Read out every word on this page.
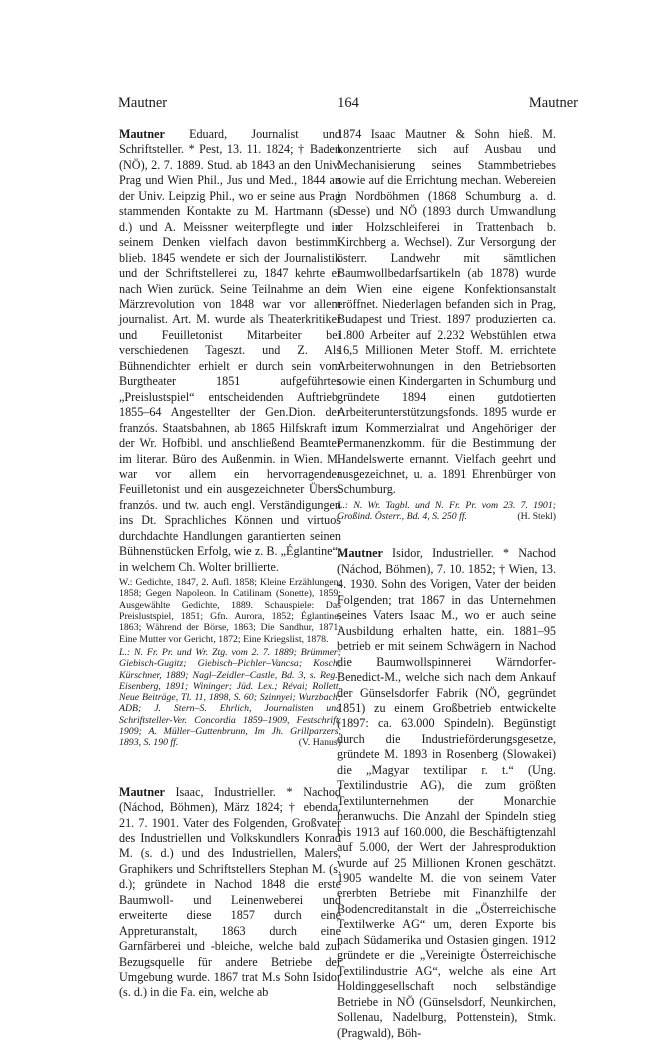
Mautner	164	Mautner

Mautner Eduard, Journalist und Schriftsteller. * Pest, 13. 11. 1824; † Baden (NÖ), 2. 7. 1889. Stud. ab 1843 an den Univ. Prag und Wien Phil., Jus und Med., 1844 an der Univ. Leipzig Phil., wo er seine aus Prag stammenden Kontakte zu M. Hartmann (s. d.) und A. Meissner weiterpflegte und in seinem Denken vielfach davon bestimmt blieb. 1845 wendete er sich der Journalistik und der Schriftstellerei zu, 1847 kehrte er nach Wien zurück. Seine Teilnahme an der Märzrevolution von 1848 war vor allem journalist. Art. M. wurde als Theaterkritiker und Feuilletonist Mitarbeiter bei verschiedenen Tageszt. und Z. Als Bühnendichter erhielt er durch sein vom Burgtheater 1851 aufgeführtes „Preislustspiel“ entscheidenden Auftrieb. 1855–64 Angestellter der Gen.Dion. der franzós. Staatsbahnen, ab 1865 Hilfskraft in der Wr. Hofbibl. und anschließend Beamter im literar. Büro des Außenmin. in Wien. M. war vor allem ein hervorragender Feuilletonist und ein ausgezeichneter Übers. franzós. und tw. auch engl. Verständigungen ins Dt. Sprachliches Können und virtuos durchdachte Handlungen garantierten seinen Bühnenstücken Erfolg, wie z. B. „Églantine“, in welchem Ch. Wolter brillierte.

W.: Gedichte, 1847, 2. Aufl. 1858; Kleine Erzählungen, 1858; Gegen Napoleon. In Catilinam (Sonette), 1859; Ausgewählte Gedichte, 1889. Schauspiele: Das Preislustspiel, 1851; Gfn. Aurora, 1852; Églantine, 1863; Während der Börse, 1863; Die Sandhur, 1871; Eine Mutter vor Gericht, 1872; Eine Kriegslist, 1878.

L.: N. Fr. Pr. und Wr. Ztg. vom 2. 7. 1889; Brümmer; Giebisch-Gugitz; Giebisch–Pichler–Vancsa; Kosch; Kürschner, 1889; Nagl–Zeidler–Castle, Bd. 3, s. Reg.; Eisenberg, 1891; Wininger; Jüd. Lex.; Révai; Rollett, Neue Beiträge, Tl. 11, 1898, S. 60; Szinnyei; Wurzbach; ADB; J. Stern–S. Ehrlich, Journalisten und Schriftsteller-Ver. Concordia 1859–1909, Festschrift, 1909; A. Müller–Guttenbrunn, Im Jh. Grillparzers, 1893, S. 190 ff.	(V. Hanus)

Mautner Isaac, Industrieller. * Nachod (Náchod, Böhmen), März 1824; † ebenda, 21. 7. 1901. Vater des Folgenden, Großvater des Industriellen und Volkskundlers Konrad M. (s. d.) und des Industriellen, Malers, Graphikers und Schriftstellers Stephan M. (s. d.); gründete in Nachod 1848 die erste Baumwoll- und Leinenweberei und erweiterte diese 1857 durch eine Appreturanstalt, 1863 durch eine Garnfärberei und -bleiche, welche bald zur Bezugsquelle für andere Betriebe der Umgebung wurde. 1867 trat M.s Sohn Isidor (s. d.) in die Fa. ein, welche ab

1874 Isaac Mautner & Sohn hieß. M. konzentrierte sich auf Ausbau und Mechanisierung seines Stammbetriebes sowie auf die Errichtung mechan. Webereien in Nordböhmen (1868 Schumburg a. d. Desse) und NÖ (1893 durch Umwandlung der Holzschleiferei in Trattenbach b. Kirchberg a. Wechsel). Zur Versorgung der österr. Landwehr mit sämtlichen Baumwollbedarfsartikeln (ab 1878) wurde in Wien eine eigene Konfektionsanstalt eröffnet. Niederlagen befanden sich in Prag, Budapest und Triest. 1897 produzierten ca. 1.800 Arbeiter auf 2.232 Webstühlen etwa 16,5 Millionen Meter Stoff. M. errichtete Arbeiterwohnungen in den Betriebsorten sowie einen Kindergarten in Schumburg und gründete 1894 einen gutdotierten Arbeiterunterstützungsfonds. 1895 wurde er zum Kommerzialrat und Angehöriger der Permanenzkomm. für die Bestimmung der Handelswerte ernannt. Vielfach geehrt und ausgezeichnet, u. a. 1891 Ehrenbürger von Schumburg.

L.: N. Wr. Tagbl. und N. Fr. Pr. vom 23. 7. 1901; Großind. Österr., Bd. 4, S. 250 ff.	(H. Stekl)

Mautner Isidor, Industrieller. * Nachod (Náchod, Böhmen), 7. 10. 1852; † Wien, 13. 4. 1930. Sohn des Vorigen, Vater der beiden Folgenden; trat 1867 in das Unternehmen seines Vaters Isaac M., wo er auch seine Ausbildung erhalten hatte, ein. 1881–95 betrieb er mit seinem Schwägern in Nachod die Baumwollspinnerei Wärndorfer-Benedict-M., welche sich nach dem Ankauf der Günselsdorfer Fabrik (NÖ, gegründet 1851) zu einem Großbetrieb entwickelte (1897: ca. 63.000 Spindeln). Begünstigt durch die Industrieförderungsgesetze, gründete M. 1893 in Rosenberg (Slowakei) die „Magyar textilipar r. t.“ (Ung. Textilindustrie AG), die zum größten Textilunternehmen der Monarchie heranwuchs. Die Anzahl der Spindeln stieg bis 1913 auf 160.000, die Beschäftigtenzahl auf 5.000, der Wert der Jahresproduktion wurde auf 25 Millionen Kronen geschätzt. 1905 wandelte M. die von seinem Vater ererbten Betriebe mit Finanzhilfe der Bodencreditanstalt in die „Österreichische Textilwerke AG“ um, deren Exporte bis nach Südamerika und Ostasien gingen. 1912 gründete er die „Vereinigte Österreichische Textilindustrie AG“, welche als eine Art Holdinggesellschaft noch selbständige Betriebe in NÖ (Günselsdorf, Neunkirchen, Sollenau, Nadelburg, Pottenstein), Stmk. (Pragwald), Böh-
